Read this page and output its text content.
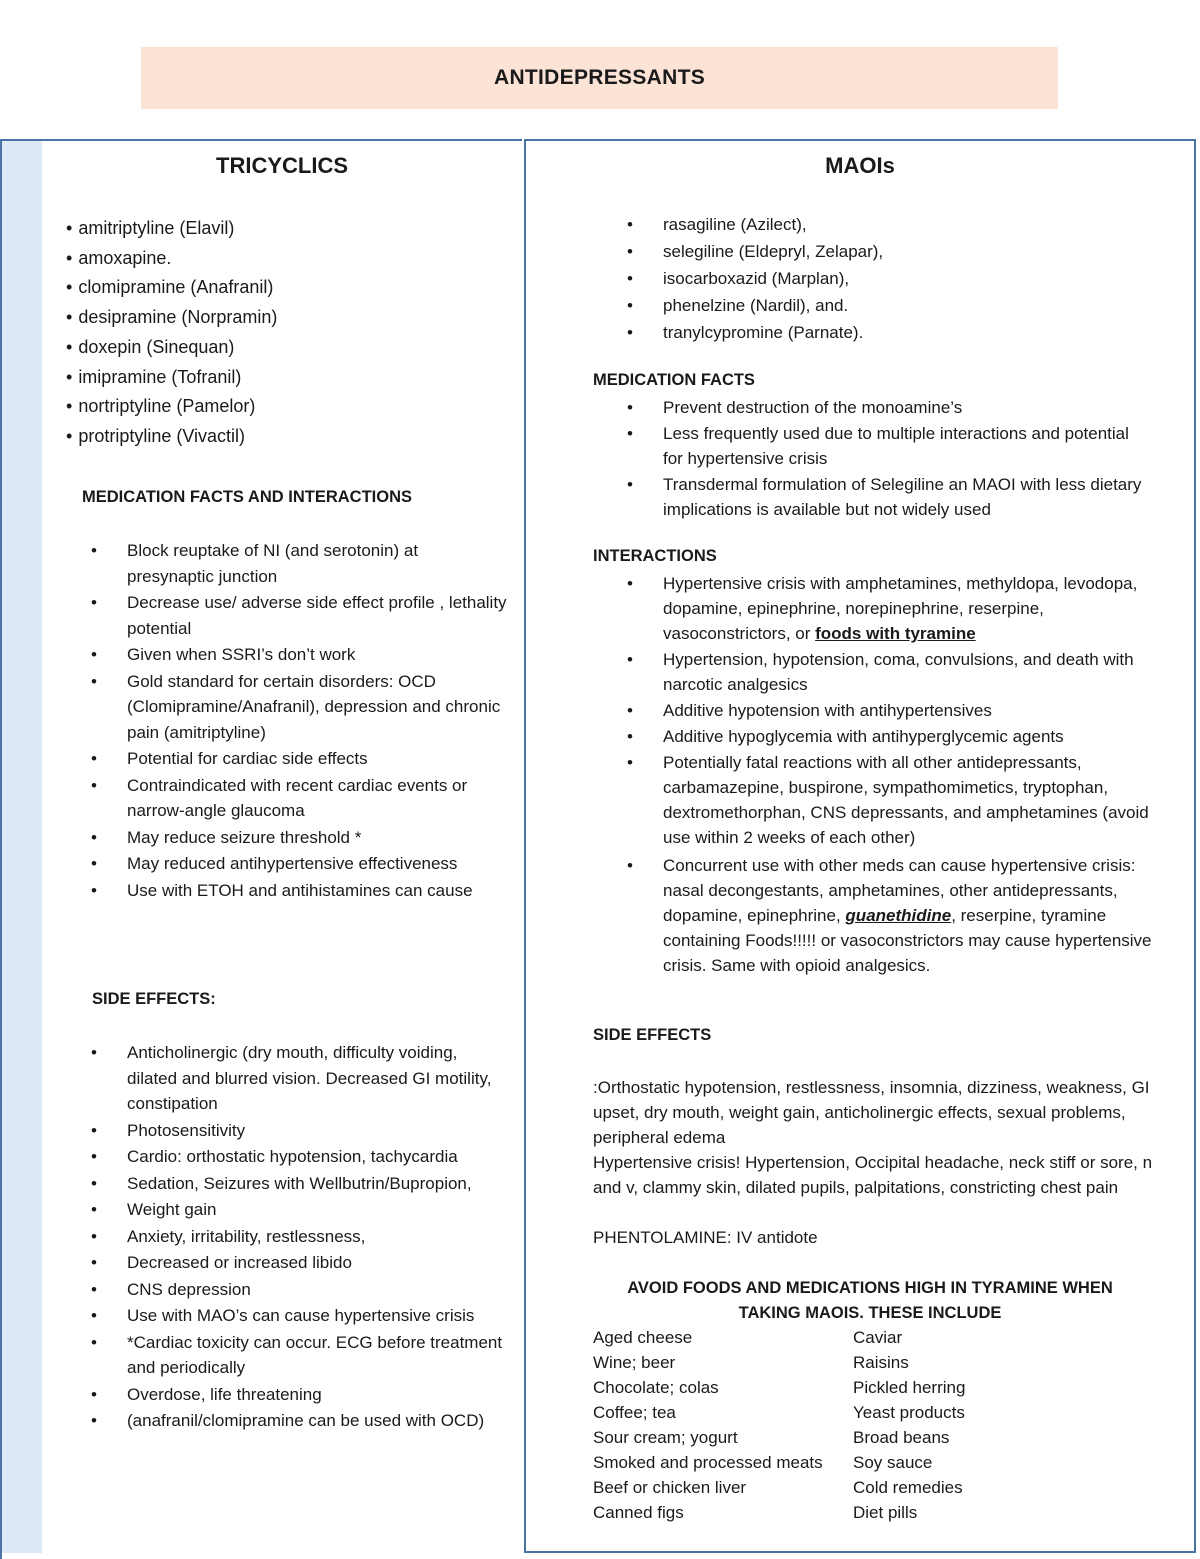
ANTIDEPRESSANTS
TRICYCLICS
• amitriptyline (Elavil)
• amoxapine.
• clomipramine (Anafranil)
• desipramine (Norpramin)
• doxepin (Sinequan)
• imipramine (Tofranil)
• nortriptyline (Pamelor)
• protriptyline (Vivactil)
MEDICATION FACTS AND INTERACTIONS
• Block reuptake of NI (and serotonin) at presynaptic junction
• Decrease use/ adverse side effect profile , lethality potential
• Given when SSRI’s don’t work
• Gold standard for certain disorders: OCD (Clomipramine/Anafranil), depression and chronic pain (amitriptyline)
• Potential for cardiac side effects
• Contraindicated with recent cardiac events or narrow-angle glaucoma
• May reduce seizure threshold *
• May reduced antihypertensive effectiveness
• Use with ETOH and antihistamines can cause
SIDE EFFECTS:
• Anticholinergic (dry mouth, difficulty voiding, dilated and blurred vision. Decreased GI motility, constipation
• Photosensitivity
• Cardio: orthostatic hypotension, tachycardia
• Sedation, Seizures with Wellbutrin/Bupropion,
• Weight gain
• Anxiety, irritability, restlessness,
• Decreased or increased libido
• CNS depression
• Use with MAO’s can cause hypertensive crisis
• *Cardiac toxicity can occur. ECG before treatment and periodically
• Overdose, life threatening
• (anafranil/clomipramine can be used with OCD)
MAOIs
• rasagiline (Azilect),
• selegiline (Eldepryl, Zelapar),
• isocarboxazid (Marplan),
• phenelzine (Nardil), and.
• tranylcypromine (Parnate).
MEDICATION FACTS
• Prevent destruction of the monoamine’s
• Less frequently used due to multiple interactions and potential for hypertensive crisis
• Transdermal formulation of Selegiline an MAOI with less dietary implications is available but not widely used
INTERACTIONS
• Hypertensive crisis with amphetamines, methyldopa, levodopa, dopamine, epinephrine, norepinephrine, reserpine, vasoconstrictors, or foods with tyramine
• Hypertension, hypotension, coma, convulsions, and death with narcotic analgesics
• Additive hypotension with antihypertensives
• Additive hypoglycemia with antihyperglycemic agents
• Potentially fatal reactions with all other antidepressants, carbamazepine, buspirone, sympathomimetics, tryptophan, dextromethorphan, CNS depressants, and amphetamines (avoid use within 2 weeks of each other)
• Concurrent use with other meds can cause hypertensive crisis: nasal decongestants, amphetamines, other antidepressants, dopamine, epinephrine, guanethidine, reserpine, tyramine containing Foods!!!!! or vasoconstrictors may cause hypertensive crisis. Same with opioid analgesics.
SIDE EFFECTS

:Orthostatic hypotension, restlessness, insomnia, dizziness, weakness, GI upset, dry mouth, weight gain, anticholinergic effects, sexual problems, peripheral edema

Hypertensive crisis! Hypertension, Occipital headache, neck stiff or sore, n and v, clammy skin, dilated pupils, palpitations, constricting chest pain

PHENTOLAMINE: IV antidote

AVOID FOODS AND MEDICATIONS HIGH IN TYRAMINE WHEN TAKING MAOIS. THESE INCLUDE
Aged cheese	Caviar
Wine; beer	Raisins
Chocolate; colas	Pickled herring
Coffee; tea	Yeast products
Sour cream; yogurt	Broad beans
Smoked and processed meats	Soy sauce
Beef or chicken liver	Cold remedies
Canned figs	Diet pills
